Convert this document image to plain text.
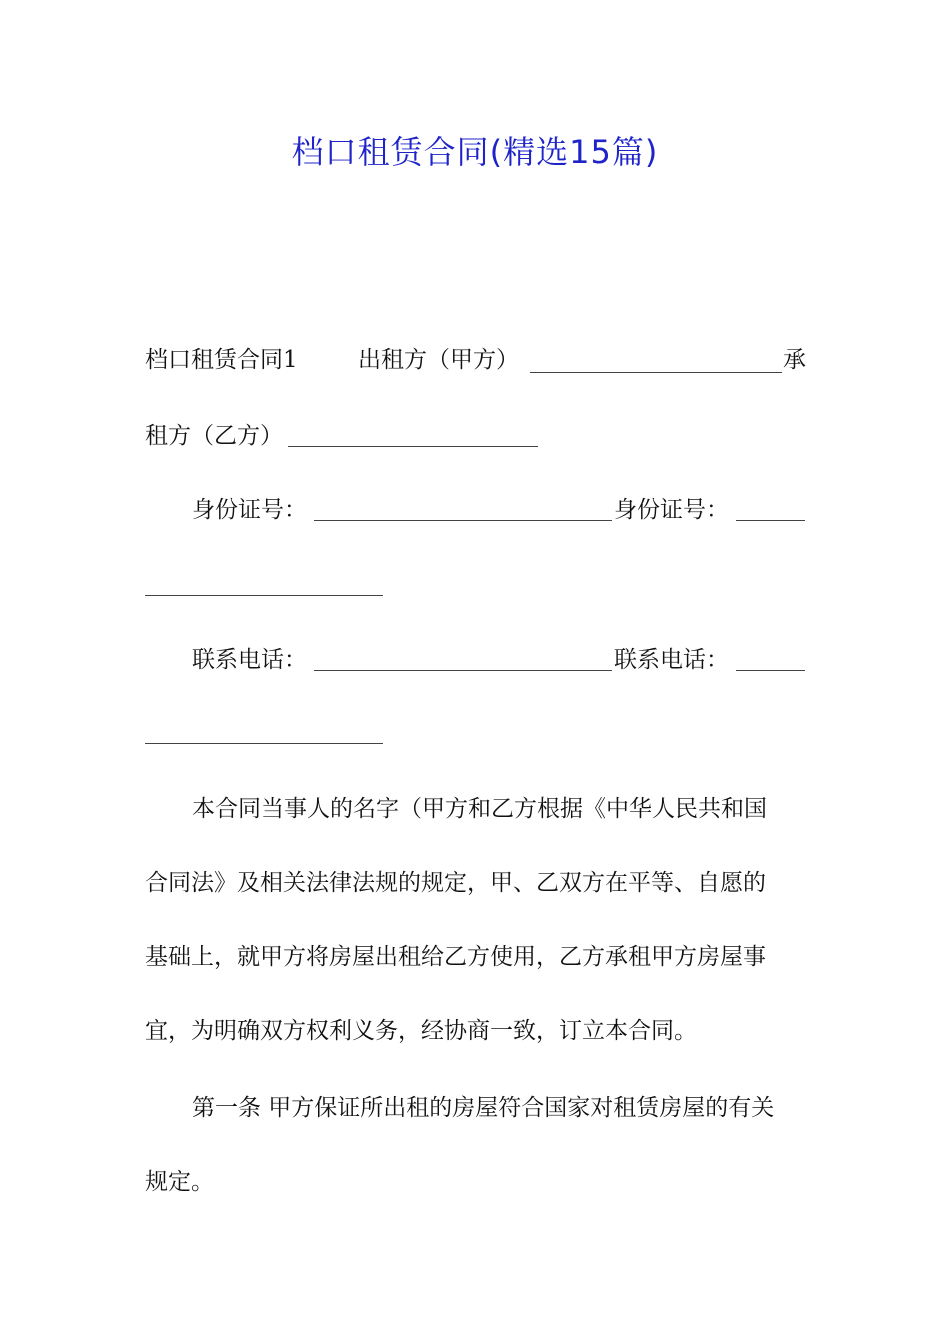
档口租赁合同(精选15篇)
档口租赁合同1	出租方（甲方）	承
租方（乙方）
身份证号：	身份证号：
联系电话：	联系电话：
本合同当事人的名字（甲方和乙方根据《中华人民共和国
合同法》及相关法律法规的规定，甲、乙双方在平等、自愿的
基础上，就甲方将房屋出租给乙方使用，乙方承租甲方房屋事
宜，为明确双方权利义务，经协商一致，订立本合同。
第一条 甲方保证所出租的房屋符合国家对租赁房屋的有关
规定。
